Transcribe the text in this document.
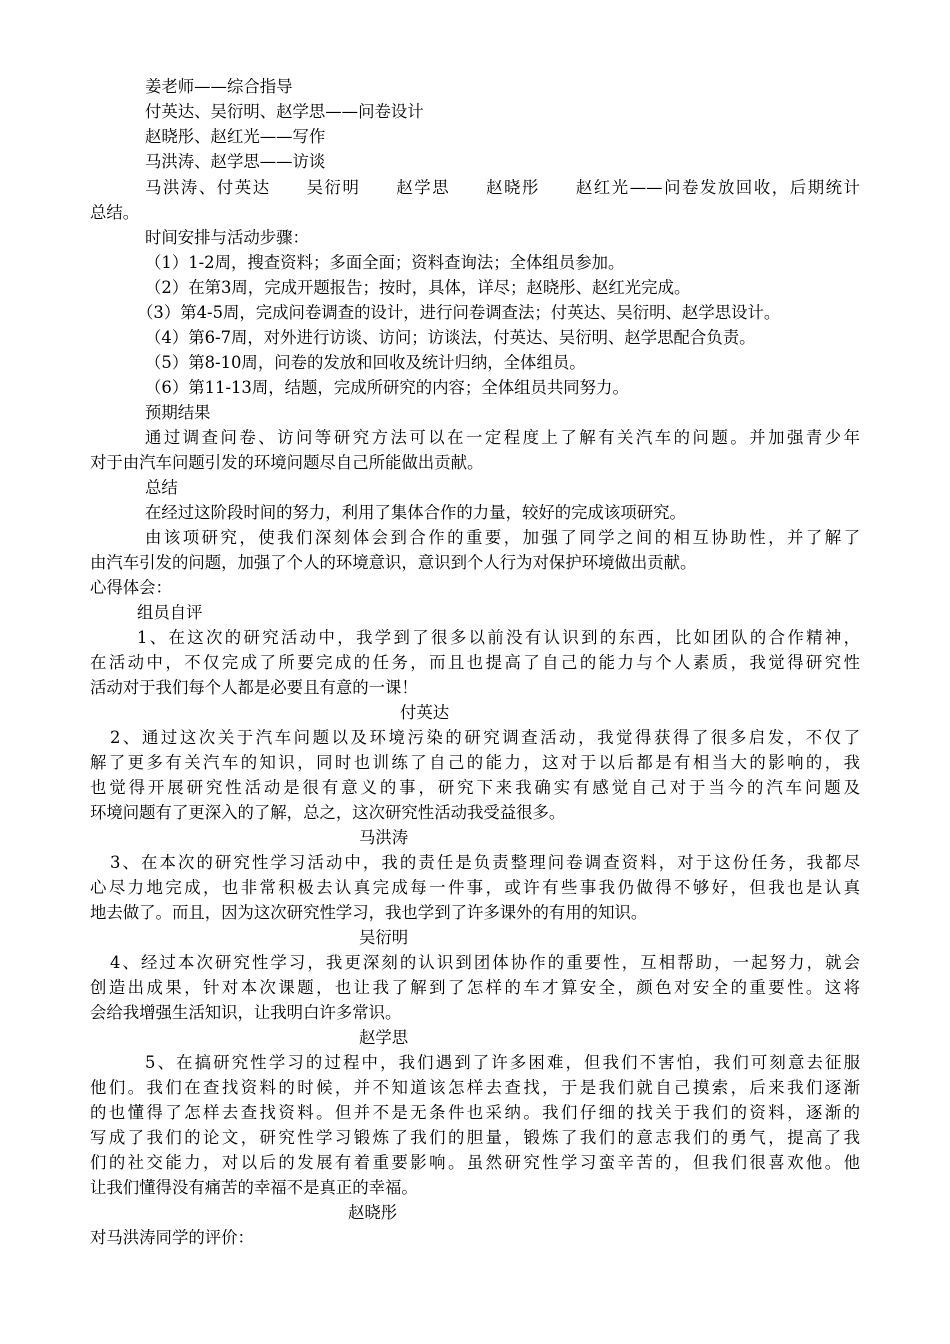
姜老师——综合指导
付英达、吴衍明、赵学思——问卷设计
赵晓彤、赵红光——写作
马洪涛、赵学思——访谈
马洪涛、付英达　　吴衍明　　赵学思　　赵晓彤　　赵红光——问卷发放回收，后期统计
总结。
时间安排与活动步骤：
（1）1-2周，搜查资料；多面全面；资料查询法；全体组员参加。
（2）在第3周，完成开题报告；按时，具体，详尽；赵晓彤、赵红光完成。
（3）第4-5周，完成问卷调查的设计，进行问卷调查法；付英达、吴衍明、赵学思设计。
（4）第6-7周，对外进行访谈、访问；访谈法，付英达、吴衍明、赵学思配合负责。
（5）第8-10周，问卷的发放和回收及统计归纳，全体组员。
（6）第11-13周，结题，完成所研究的内容；全体组员共同努力。
预期结果
通过调查问卷、访问等研究方法可以在一定程度上了解有关汽车的问题。并加强青少年
对于由汽车问题引发的环境问题尽自己所能做出贡献。
总结
在经过这阶段时间的努力，利用了集体合作的力量，较好的完成该项研究。
由该项研究，使我们深刻体会到合作的重要，加强了同学之间的相互协助性，并了解了
由汽车引发的问题，加强了个人的环境意识，意识到个人行为对保护环境做出贡献。
心得体会：
组员自评
1、在这次的研究活动中，我学到了很多以前没有认识到的东西，比如团队的合作精神，
在活动中，不仅完成了所要完成的任务，而且也提高了自己的能力与个人素质，我觉得研究性
活动对于我们每个人都是必要且有意的一课！
付英达
2、通过这次关于汽车问题以及环境污染的研究调查活动，我觉得获得了很多启发，不仅了
解了更多有关汽车的知识，同时也训练了自己的能力，这对于以后都是有相当大的影响的，我
也觉得开展研究性活动是很有意义的事，研究下来我确实有感觉自己对于当今的汽车问题及
环境问题有了更深入的了解，总之，这次研究性活动我受益很多。
马洪涛
3、在本次的研究性学习活动中，我的责任是负责整理问卷调查资料，对于这份任务，我都尽
心尽力地完成，也非常积极去认真完成每一件事，或许有些事我仍做得不够好，但我也是认真
地去做了。而且，因为这次研究性学习，我也学到了许多课外的有用的知识。
吴衍明
4、经过本次研究性学习，我更深刻的认识到团体协作的重要性，互相帮助，一起努力，就会
创造出成果，针对本次课题，也让我了解到了怎样的车才算安全，颜色对安全的重要性。这将
会给我增强生活知识，让我明白许多常识。
赵学思
5、在搞研究性学习的过程中，我们遇到了许多困难，但我们不害怕，我们可刻意去征服
他们。我们在查找资料的时候，并不知道该怎样去查找，于是我们就自己摸索，后来我们逐渐
的也懂得了怎样去查找资料。但并不是无条件也采纳。我们仔细的找关于我们的资料，逐渐的
写成了我们的论文，研究性学习锻炼了我们的胆量，锻炼了我们的意志我们的勇气，提高了我
们的社交能力，对以后的发展有着重要影响。虽然研究性学习蛮辛苦的，但我们很喜欢他。他
让我们懂得没有痛苦的幸福不是真正的幸福。
赵晓彤
对马洪涛同学的评价：
